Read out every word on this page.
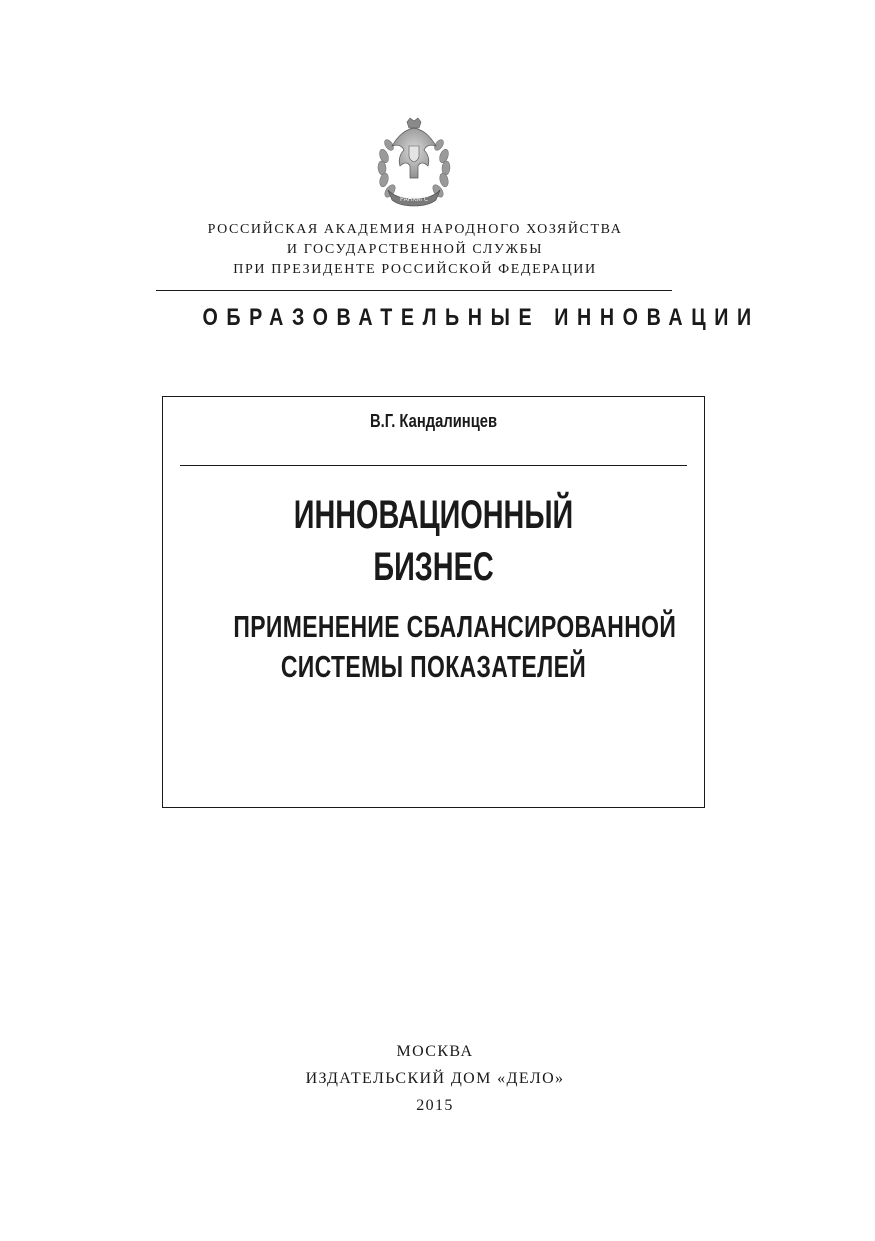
РАНХиГС
РОССИЙСКАЯ АКАДЕМИЯ НАРОДНОГО ХОЗЯЙСТВА
И ГОСУДАРСТВЕННОЙ СЛУЖБЫ
ПРИ ПРЕЗИДЕНТЕ РОССИЙСКОЙ ФЕДЕРАЦИИ
ОБРАЗОВАТЕЛЬНЫЕ ИННОВАЦИИ
В.Г. Кандалинцев
ИННОВАЦИОННЫЙ
БИЗНЕС
ПРИМЕНЕНИЕ СБАЛАНСИРОВАННОЙ
СИСТЕМЫ ПОКАЗАТЕЛЕЙ
МОСКВА
ИЗДАТЕЛЬСКИЙ ДОМ «ДЕЛО»
2015
